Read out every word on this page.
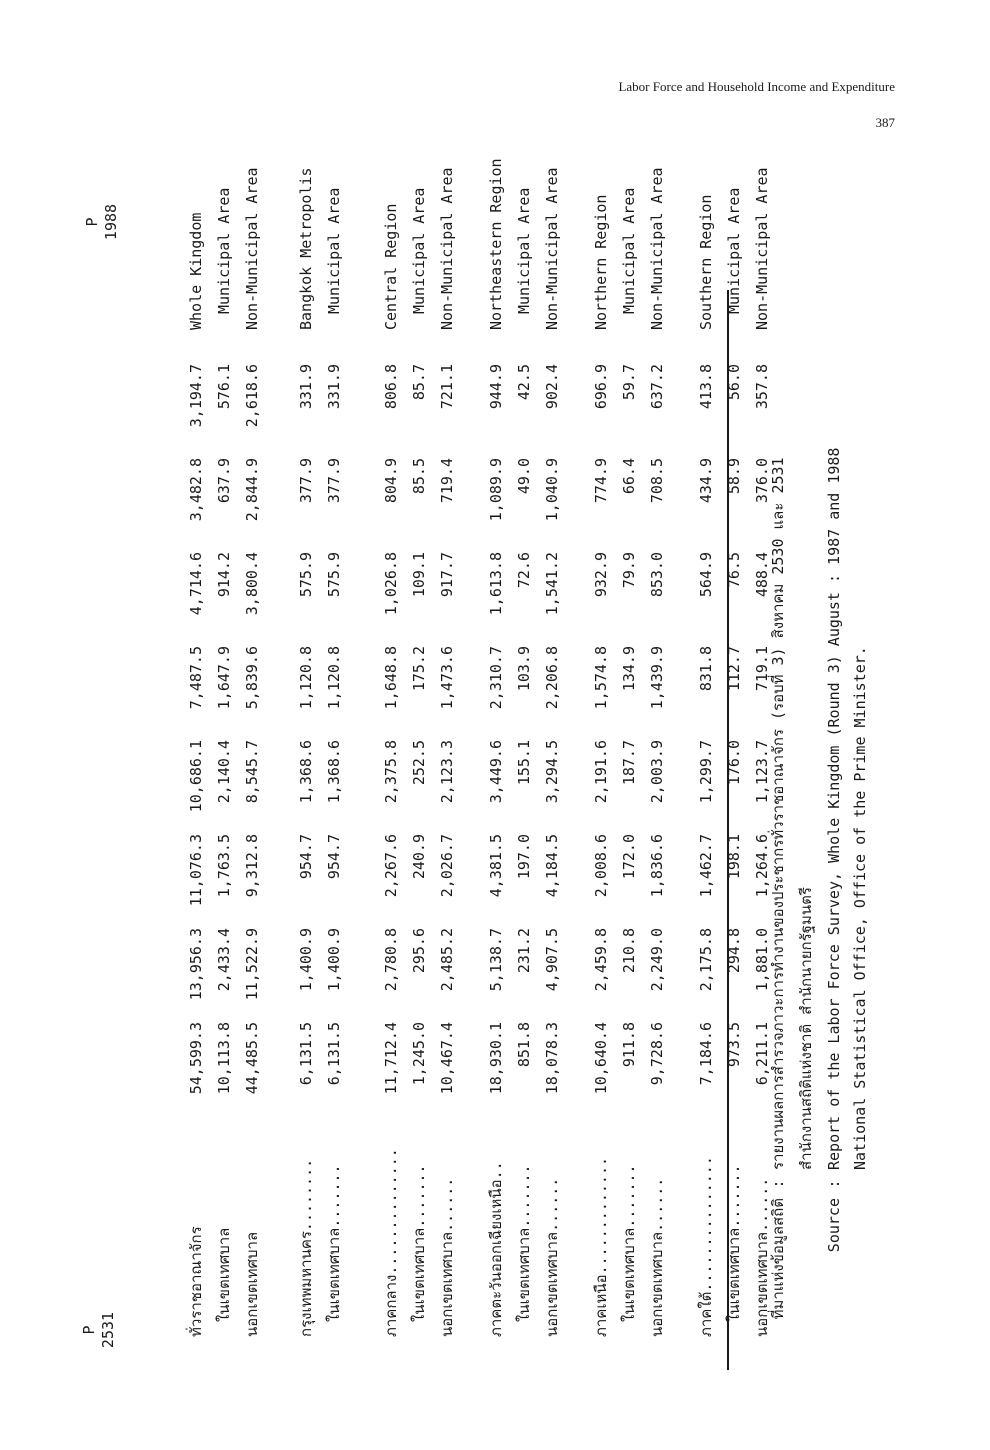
Labor Force and Household Income and Expenditure
387
P 2531
P 1988
ทั่วราชอาณาจักร
54,599.3
13,956.3
11,076.3
10,686.1
7,487.5
4,714.6
3,482.8
3,194.7
Whole Kingdom
ในเขตเทศบาล
10,113.8
2,433.4
1,763.5
2,140.4
1,647.9
914.2
637.9
576.1
Municipal Area
นอกเขตเทศบาล
44,485.5
11,522.9
9,312.8
8,545.7
5,839.6
3,800.4
2,844.9
2,618.6
Non-Municipal Area
กรุงเทพมหานคร........
6,131.5
1,400.9
954.7
1,368.6
1,120.8
575.9
377.9
331.9
Bangkok Metropolis
ในเขตเทศบาล.......
6,131.5
1,400.9
954.7
1,368.6
1,120.8
575.9
377.9
331.9
Municipal Area
ภาคกลาง..............
11,712.4
2,780.8
2,267.6
2,375.8
1,648.8
1,026.8
804.9
806.8
Central Region
ในเขตเทศบาล.......
1,245.0
295.6
240.9
252.5
175.2
109.1
85.5
85.7
Municipal Area
นอกเขตเทศบาล......
10,467.4
2,485.2
2,026.7
2,123.3
1,473.6
917.7
719.4
721.1
Non-Municipal Area
ภาคตะวันออกเฉียงเหนือ..
18,930.1
5,138.7
4,381.5
3,449.6
2,310.7
1,613.8
1,089.9
944.9
Northeastern Region
ในเขตเทศบาล.......
851.8
231.2
197.0
155.1
103.9
72.6
49.0
42.5
Municipal Area
นอกเขตเทศบาล......
18,078.3
4,907.5
4,184.5
3,294.5
2,206.8
1,541.2
1,040.9
902.4
Non-Municipal Area
ภาคเหนือ.............
10,640.4
2,459.8
2,008.6
2,191.6
1,574.8
932.9
774.9
696.9
Northern Region
ในเขตเทศบาล.......
911.8
210.8
172.0
187.7
134.9
79.9
66.4
59.7
Municipal Area
นอกเขตเทศบาล......
9,728.6
2,249.0
1,836.6
2,003.9
1,439.9
853.0
708.5
637.2
Non-Municipal Area
ภาคใต้...............
7,184.6
2,175.8
1,462.7
1,299.7
831.8
564.9
434.9
413.8
Southern Region
ในเขตเทศบาล.......
973.5
294.8
198.1
176.0
112.7
76.5
58.9
56.0
Municipal Area
นอกเขตเทศบาล......
6,211.1
1,881.0
1,264.6
1,123.7
719.1
488.4
376.0
357.8
Non-Municipal Area
ที่มาแห่งข้อมูลสถิติ:รายงานผลการสำรวจภาวะการทำงานของประชากรทั่วราชอาณาจักร (รอบที่ 3) สิงหาคม 2530 และ 2531 สำนักงานสถิติแห่งชาติ สำนักนายกรัฐมนตรี
Source:Report of the Labor Force Survey, Whole Kingdom (Round 3) August : 1987 and 1988 National Statistical Office, Office of the Prime Minister.
